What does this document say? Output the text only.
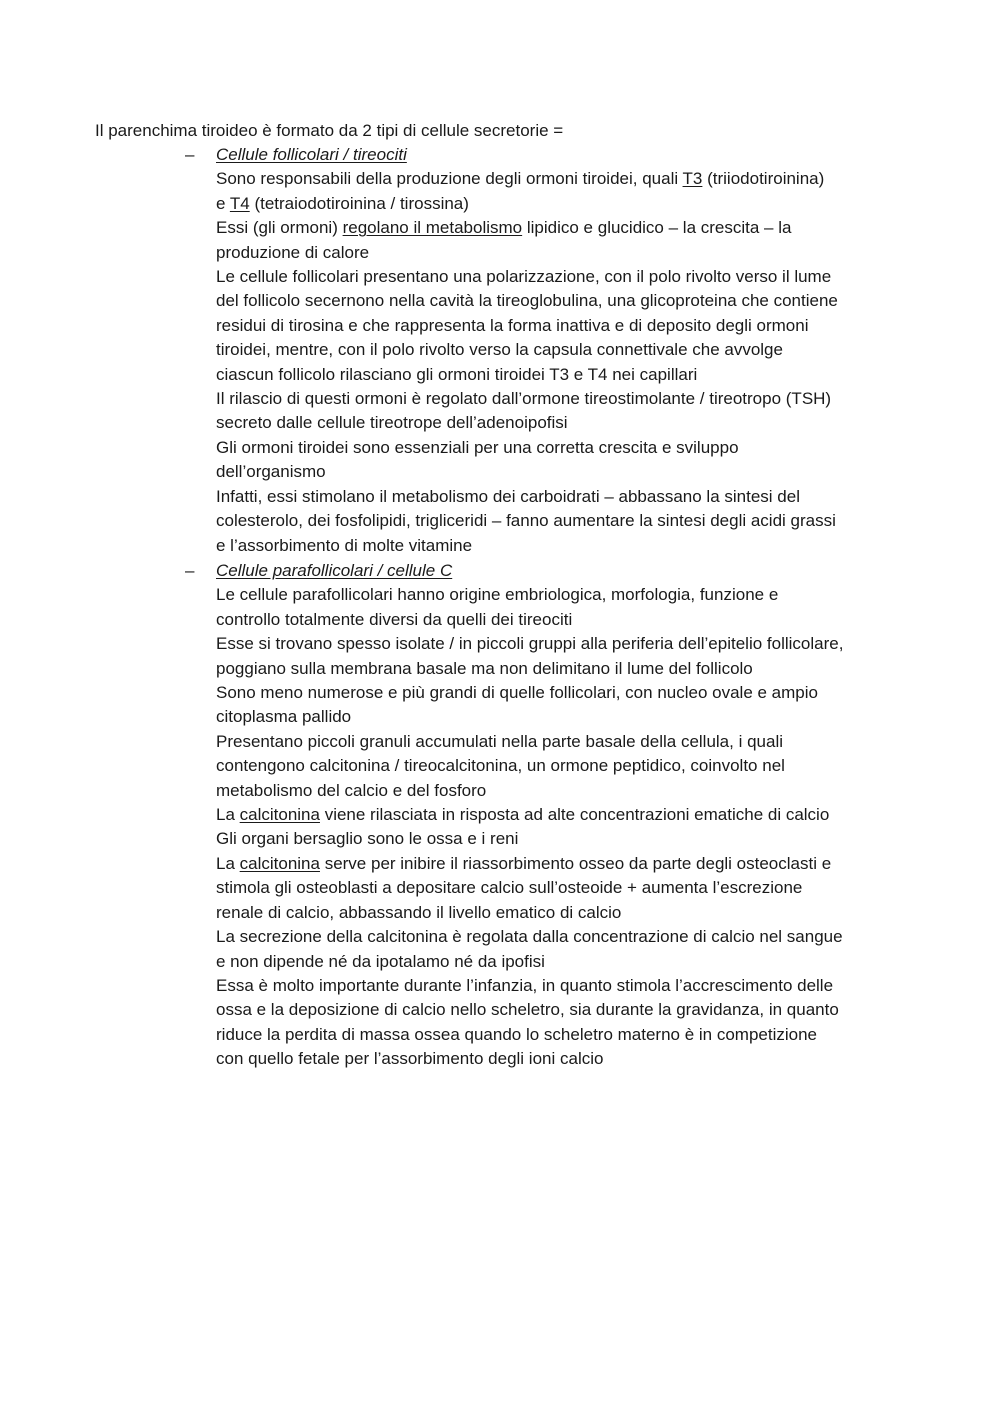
Il parenchima tiroideo è formato da 2 tipi di cellule secretorie =
–	Cellule follicolari / tireociti
Sono responsabili della produzione degli ormoni tiroidei, quali T3 (triiodotiroinina)
e T4 (tetraiodotiroinina / tirossina)
Essi (gli ormoni) regolano il metabolismo lipidico e glucidico – la crescita – la
produzione di calore
Le cellule follicolari presentano una polarizzazione, con il polo rivolto verso il lume
del follicolo secernono nella cavità la tireoglobulina, una glicoproteina che contiene
residui di tirosina e che rappresenta la forma inattiva e di deposito degli ormoni
tiroidei, mentre, con il polo rivolto verso la capsula connettivale che avvolge
ciascun follicolo rilasciano gli ormoni tiroidei T3 e T4 nei capillari
Il rilascio di questi ormoni è regolato dall’ormone tireostimolante / tireotropo (TSH)
secreto dalle cellule tireotrope dell’adenoipofisi
Gli ormoni tiroidei sono essenziali per una corretta crescita e sviluppo
dell’organismo
Infatti, essi stimolano il metabolismo dei carboidrati – abbassano la sintesi del
colesterolo, dei fosfolipidi, trigliceridi – fanno aumentare la sintesi degli acidi grassi
e l’assorbimento di molte vitamine
–	Cellule parafollicolari / cellule C
Le cellule parafollicolari hanno origine embriologica, morfologia, funzione e
controllo totalmente diversi da quelli dei tireociti
Esse si trovano spesso isolate / in piccoli gruppi alla periferia dell’epitelio follicolare,
poggiano sulla membrana basale ma non delimitano il lume del follicolo
Sono meno numerose e più grandi di quelle follicolari, con nucleo ovale e ampio
citoplasma pallido
Presentano piccoli granuli accumulati nella parte basale della cellula, i quali
contengono calcitonina / tireocalcitonina, un ormone peptidico, coinvolto nel
metabolismo del calcio e del fosforo
La calcitonina viene rilasciata in risposta ad alte concentrazioni ematiche di calcio
Gli organi bersaglio sono le ossa e i reni
La calcitonina serve per inibire il riassorbimento osseo da parte degli osteoclasti e
stimola gli osteoblasti a depositare calcio sull’osteoide + aumenta l’escrezione
renale di calcio, abbassando il livello ematico di calcio
La secrezione della calcitonina è regolata dalla concentrazione di calcio nel sangue
e non dipende né da ipotalamo né da ipofisi
Essa è molto importante durante l’infanzia, in quanto stimola l’accrescimento delle
ossa e la deposizione di calcio nello scheletro, sia durante la gravidanza, in quanto
riduce la perdita di massa ossea quando lo scheletro materno è in competizione
con quello fetale per l’assorbimento degli ioni calcio
